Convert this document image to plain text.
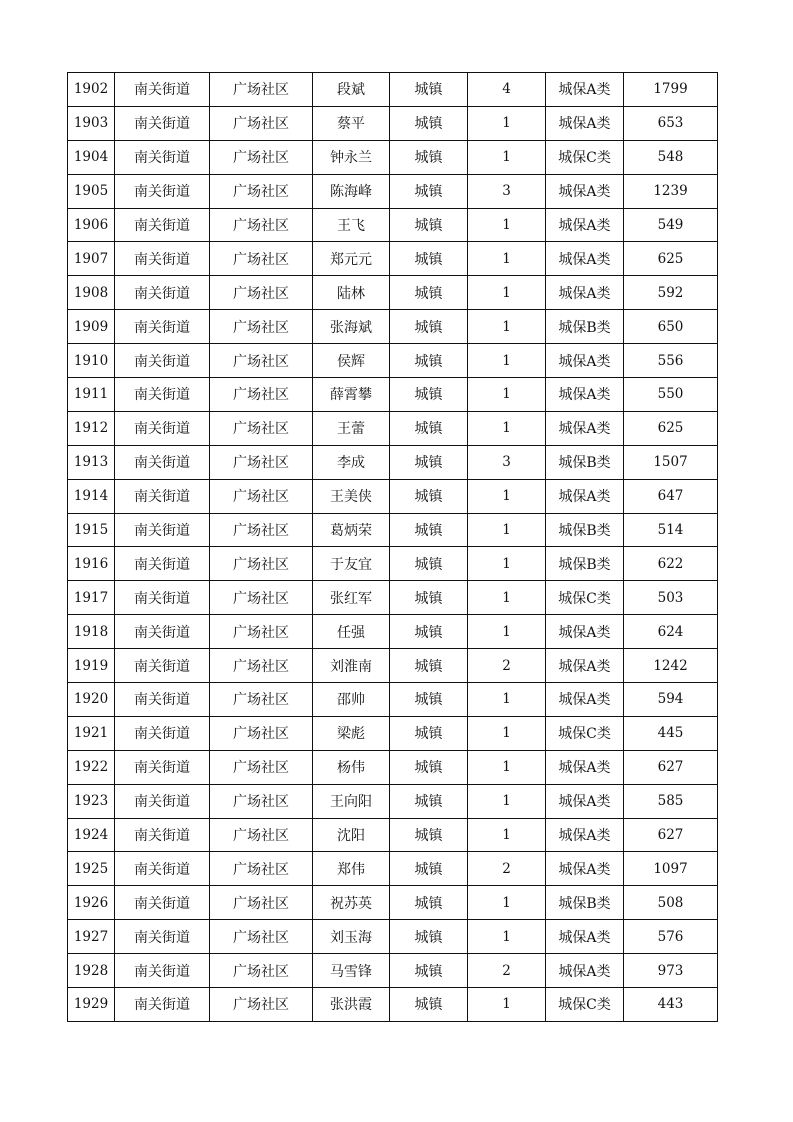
1902	南关街道	广场社区	段斌	城镇	4	城保A类	1799
1903	南关街道	广场社区	蔡平	城镇	1	城保A类	653
1904	南关街道	广场社区	钟永兰	城镇	1	城保C类	548
1905	南关街道	广场社区	陈海峰	城镇	3	城保A类	1239
1906	南关街道	广场社区	王飞	城镇	1	城保A类	549
1907	南关街道	广场社区	郑元元	城镇	1	城保A类	625
1908	南关街道	广场社区	陆林	城镇	1	城保A类	592
1909	南关街道	广场社区	张海斌	城镇	1	城保B类	650
1910	南关街道	广场社区	侯辉	城镇	1	城保A类	556
1911	南关街道	广场社区	薛霄攀	城镇	1	城保A类	550
1912	南关街道	广场社区	王蕾	城镇	1	城保A类	625
1913	南关街道	广场社区	李成	城镇	3	城保B类	1507
1914	南关街道	广场社区	王美侠	城镇	1	城保A类	647
1915	南关街道	广场社区	葛炳荣	城镇	1	城保B类	514
1916	南关街道	广场社区	于友宜	城镇	1	城保B类	622
1917	南关街道	广场社区	张红军	城镇	1	城保C类	503
1918	南关街道	广场社区	任强	城镇	1	城保A类	624
1919	南关街道	广场社区	刘淮南	城镇	2	城保A类	1242
1920	南关街道	广场社区	邵帅	城镇	1	城保A类	594
1921	南关街道	广场社区	梁彪	城镇	1	城保C类	445
1922	南关街道	广场社区	杨伟	城镇	1	城保A类	627
1923	南关街道	广场社区	王向阳	城镇	1	城保A类	585
1924	南关街道	广场社区	沈阳	城镇	1	城保A类	627
1925	南关街道	广场社区	郑伟	城镇	2	城保A类	1097
1926	南关街道	广场社区	祝苏英	城镇	1	城保B类	508
1927	南关街道	广场社区	刘玉海	城镇	1	城保A类	576
1928	南关街道	广场社区	马雪锋	城镇	2	城保A类	973
1929	南关街道	广场社区	张洪霞	城镇	1	城保C类	443
